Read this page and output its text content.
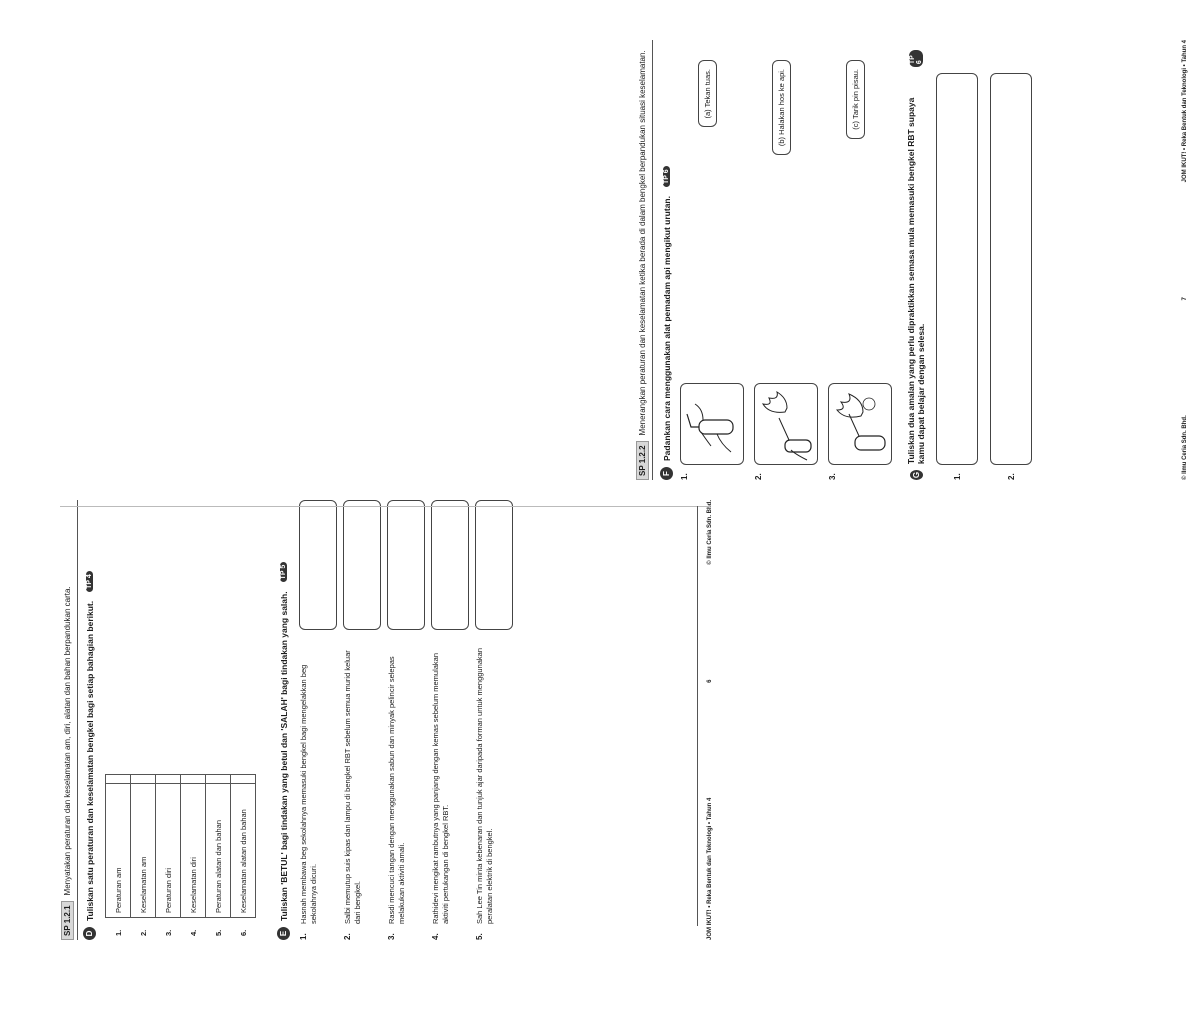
SP 1.2.1
Menyatakan peraturan dan keselamatan am, diri, alatan dan bahan berpandukan carta.
D
Tuliskan satu peraturan dan keselamatan bengkel bagi setiap bahagian berikut.
TP 4
1.	Peraturan am	
2.	Keselamatan am	
3.	Peraturan diri	
4.	Keselamatan diri	
5.	Peraturan alatan dan bahan	
6.	Keselamatan alatan dan bahan	
E
Tuliskan 'BETUL' bagi tindakan yang betul dan 'SALAH' bagi tindakan yang salah.
TP 5
1.
Hasnah membawa beg sekolahnya memasuki bengkel bagi mengelakkan beg sekolahnya dicuri.
2.
Salbi memutup suis kipas dan lampu di bengkel RBT sebelum semua murid keluar dari bengkel.
3.
Rasdi mencuci tangan dengan menggunakan sabun dan minyak pelincir selepas melakukan aktiviti amali.
4.
Rathidevi mengikat rambutnya yang panjang dengan kemas sebelum memulakan aktiviti pertukangan di bengkel RBT.
5.
Sah Lee Tin minta kebenaran dan tunjuk ajar daripada forman untuk menggunakan peralatan elektrik di bengkel.	JOM IKUT! • Reka Bentuk dan Teknologi • Tahun 4
6
© Ilmu Ceria Sdn. Bhd.
SP 1.2.2
Menerangkan peraturan dan keselamatan ketika berada di dalam bengkel berpandukan situasi keselamatan.
F
Padankan cara menggunakan alat pemadam api mengikut urutan.
TP 6
1.
(a) Tekan tuas.
2.
(b) Halakan hos ke api.
3.
(c) Tarik pin pisau.
G
Tuliskan dua amalan yang perlu dipraktikkan semasa mula memasuki bengkel RBT supaya kamu dapat belajar dengan selesa.
TP 6
1.	2.	© Ilmu Ceria Sdn. Bhd.
7
JOM IKUT! • Reka Bentuk dan Teknologi • Tahun 4
